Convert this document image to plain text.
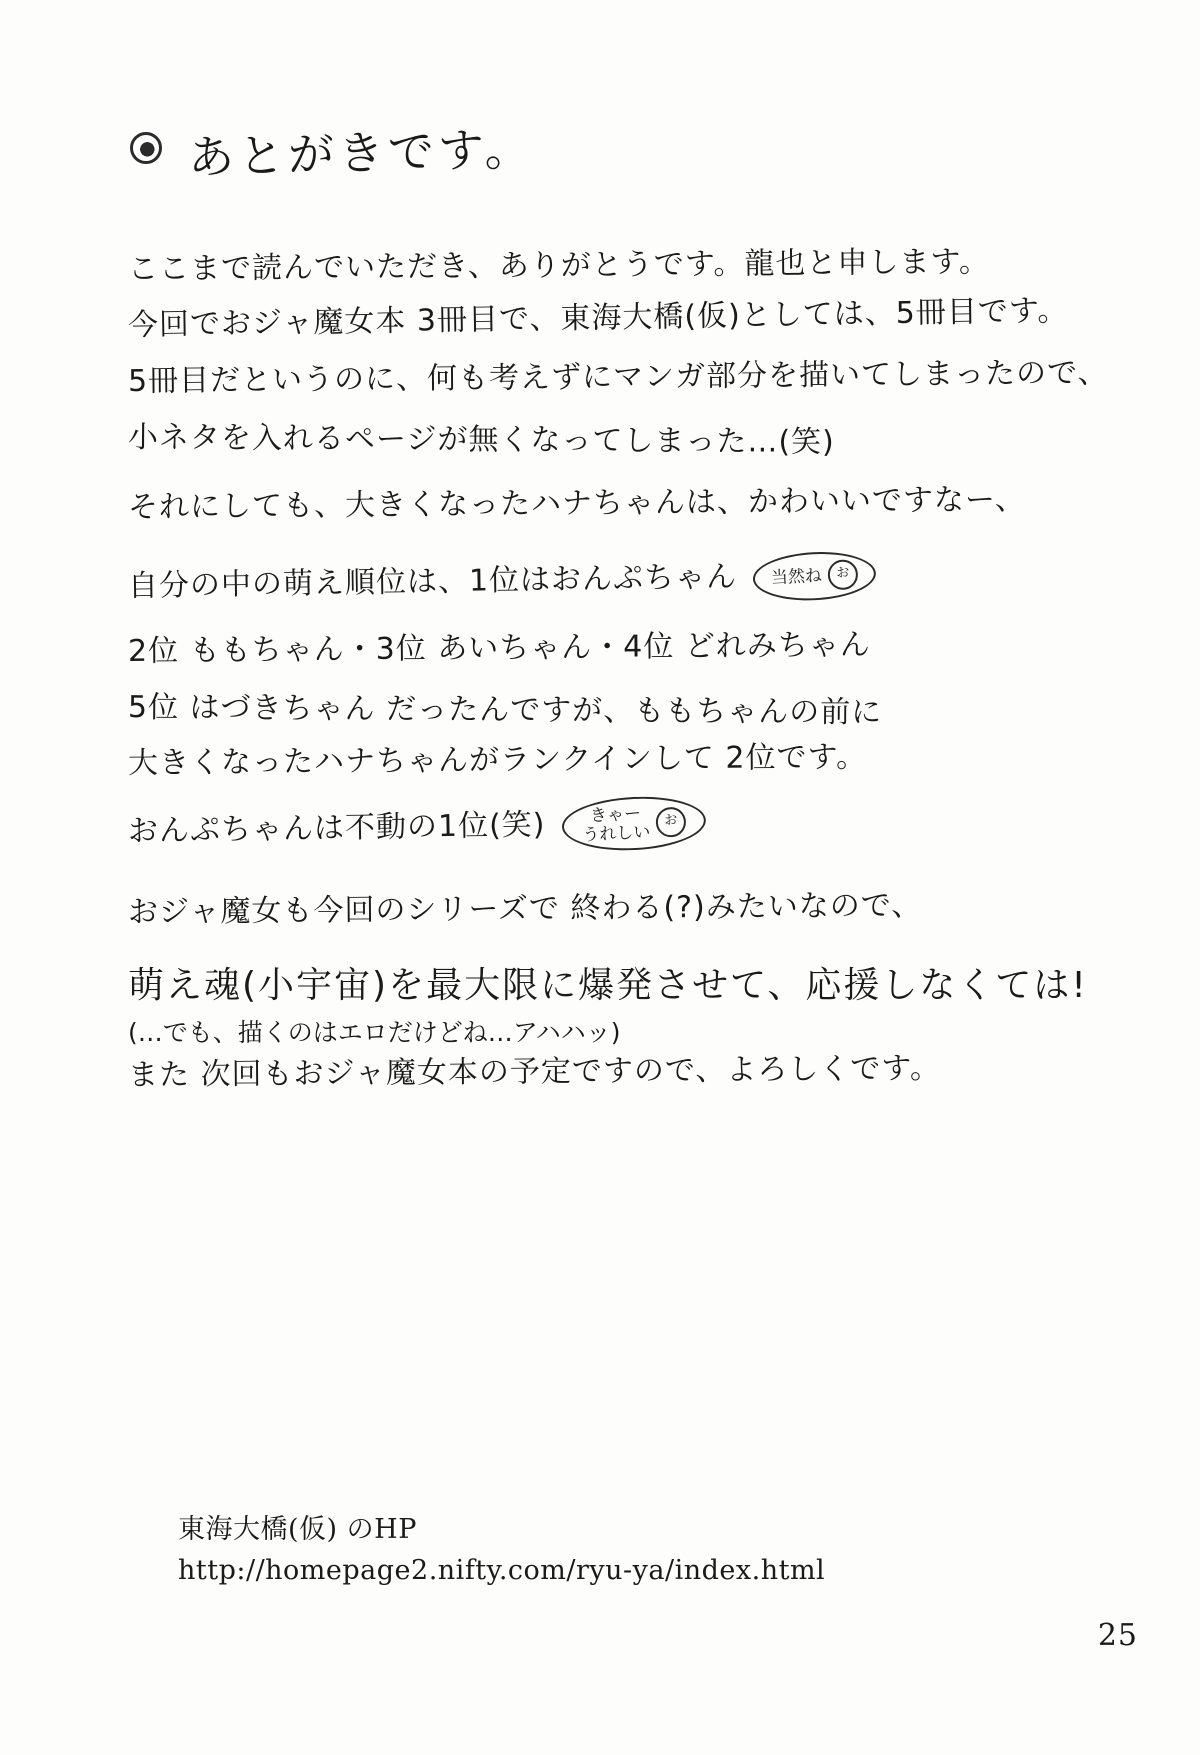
あとがきです。
ここまで読んでいただき、ありがとうです。龍也と申します。
今回でおジャ魔女本 3冊目で、東海大橋(仮)としては、5冊目です。
5冊目だというのに、何も考えずにマンガ部分を描いてしまったので、
小ネタを入れるページが無くなってしまった…(笑)
それにしても、大きくなったハナちゃんは、かわいいですなー、
自分の中の萌え順位は、1位はおんぷちゃん 当然ね	お
2位 ももちゃん・3位 あいちゃん・4位 どれみちゃん
5位 はづきちゃん だったんですが、ももちゃんの前に
大きくなったハナちゃんがランクインして 2位です。
おんぷちゃんは不動の1位(笑)	きゃー
うれしい
お
おジャ魔女も今回のシリーズで 終わる(?)みたいなので、
萌え魂(小宇宙)を最大限に爆発させて、応援しなくては!
(…でも、描くのはエロだけどね…アハハッ)
また 次回もおジャ魔女本の予定ですので、よろしくです。
東海大橋(仮) のHP
http://homepage2.nifty.com/ryu-ya/index.html
25
